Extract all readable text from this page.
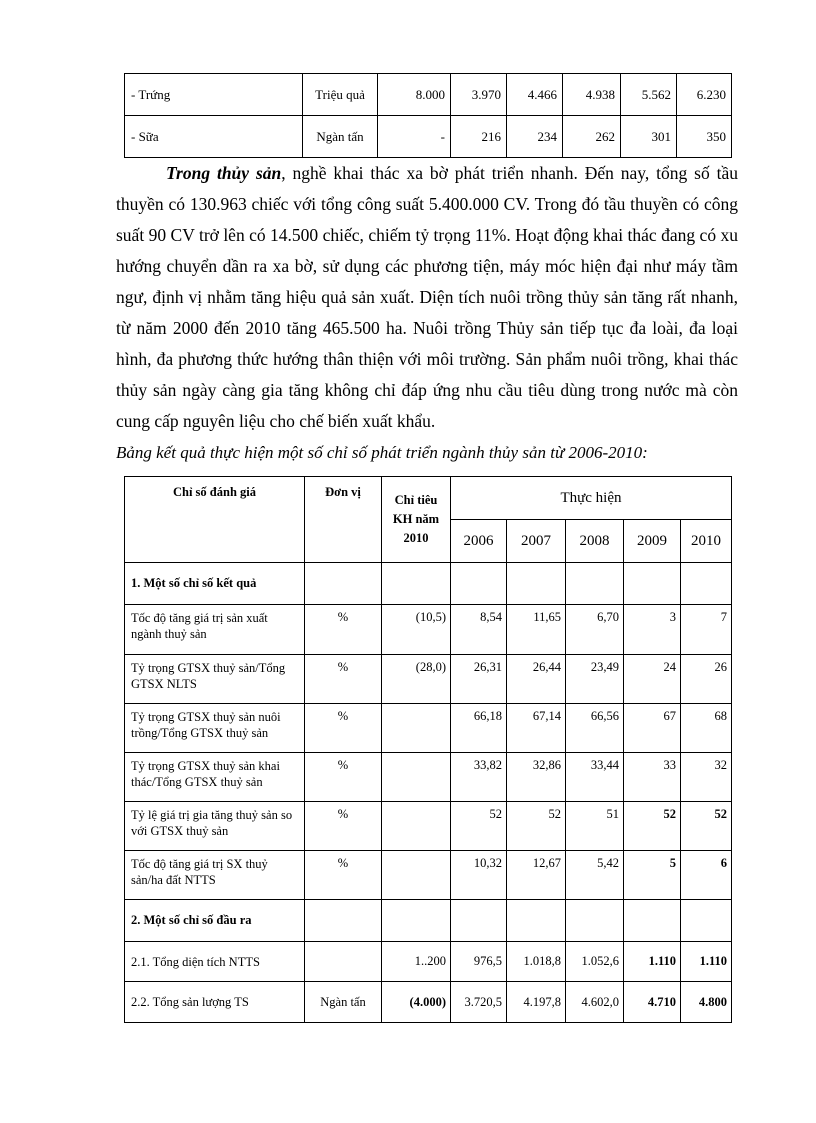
- Trứng	Triệu quả	8.000	3.970	4.466	4.938	5.562	6.230
- Sữa	Ngàn tấn	-	216	234	262	301	350

Trong thủy sản, nghề khai thác xa bờ phát triển nhanh. Đến nay, tổng số tầu thuyền có 130.963 chiếc với tổng công suất 5.400.000 CV. Trong đó tầu thuyền có công suất 90 CV trở lên có 14.500 chiếc, chiếm tỷ trọng 11%. Hoạt động khai thác đang có xu hướng chuyển dần ra xa bờ, sử dụng các phương tiện, máy móc hiện đại như máy tầm ngư, định vị nhằm tăng hiệu quả sản xuất. Diện tích nuôi trồng thủy sản tăng rất nhanh, từ năm 2000 đến 2010 tăng 465.500 ha. Nuôi trồng Thủy sản tiếp tục đa loài, đa loại hình, đa phương thức hướng thân thiện với môi trường. Sản phẩm nuôi trồng, khai thác thủy sản ngày càng gia tăng không chỉ đáp ứng nhu cầu tiêu dùng trong nước mà còn cung cấp nguyên liệu cho chế biến xuất khẩu.

Bảng kết quả thực hiện một số chỉ số phát triển ngành thủy sản từ 2006-2010:

Chỉ số đánh giá	Đơn vị	Chỉ tiêu KH năm 2010	Thực hiện				
			2006	2007	2008	2009	2010
1. Một số chỉ số kết quả							
Tốc độ tăng giá trị sản xuất ngành thuỷ sản	%	(10,5)	8,54	11,65	6,70	3	7
Tỷ trọng GTSX thuỷ sản/Tổng GTSX NLTS	%	(28,0)	26,31	26,44	23,49	24	26
Tỷ trọng GTSX thuỷ sản nuôi trồng/Tổng GTSX thuỷ sản	%		66,18	67,14	66,56	67	68
Tỷ trọng GTSX thuỷ sản khai thác/Tổng GTSX thuỷ sản	%		33,82	32,86	33,44	33	32
Tỷ lệ giá trị gia tăng thuỷ sản so với GTSX thuỷ sản	%		52	52	51	52	52
Tốc độ tăng giá trị SX thuỷ sản/ha đất NTTS	%		10,32	12,67	5,42	5	6
2. Một số chỉ số đầu ra							
2.1. Tổng diện tích NTTS		1..200	976,5	1.018,8	1.052,6	1.110	1.110
2.2. Tổng sản lượng TS	Ngàn tấn	(4.000)	3.720,5	4.197,8	4.602,0	4.710	4.800
